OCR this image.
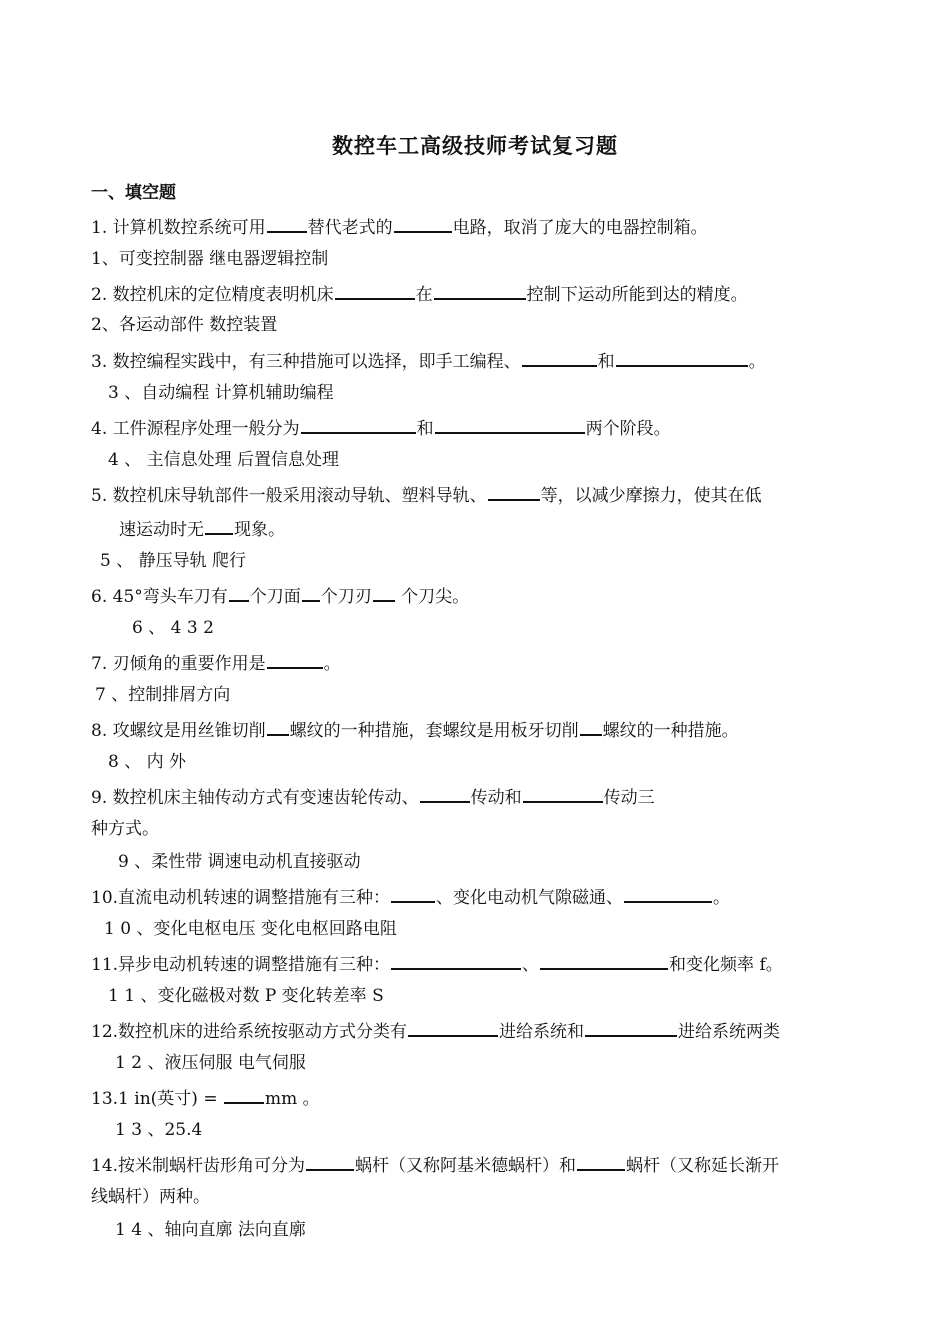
数控车工高级技师考试复习题
一、填空题
1. 计算机数控系统可用 替代老式的	电路，取消了庞大的电器控制箱。
1、可变控制器 继电器逻辑控制
2. 数控机床的定位精度表明机床	在	控制下运动所能到达的精度。
2、各运动部件 数控装置
3. 数控编程实践中，有三种措施可以选择，即手工编程、	和	。
3 、自动编程 计算机辅助编程
4. 工件源程序处理一般分为	和	两个阶段。
4 、 主信息处理 后置信息处理
5. 数控机床导轨部件一般采用滚动导轨、塑料导轨、	等，以减少摩擦力，使其在低
速运动时无 现象。
5 、 静压导轨 爬行
6. 45°弯头车刀有 个刀面 个刀刃 个刀尖。
6 、 4 3 2
7. 刃倾角的重要作用是	。
7 、控制排屑方向
8. 攻螺纹是用丝锥切削 螺纹的一种措施，套螺纹是用板牙切削 螺纹的一种措施。
8 、 内 外
9. 数控机床主轴传动方式有变速齿轮传动、	传动和	传动三
种方式。
9 、柔性带 调速电动机直接驱动
10.直流电动机转速的调整措施有三种：	、变化电动机气隙磁通、	。
1 0 、变化电枢电压 变化电枢回路电阻
11.异步电动机转速的调整措施有三种：	、	和变化频率 f。
1 1 、变化磁极对数 P 变化转差率 S
12.数控机床的进给系统按驱动方式分类有	进给系统和	进给系统两类
1 2 、液压伺服 电气伺服
13.1 in(英寸) = mm 。
1 3 、25.4
14.按米制蜗杆齿形角可分为	蜗杆（又称阿基米德蜗杆）和	蜗杆（又称延长渐开
线蜗杆）两种。
1 4 、轴向直廓 法向直廓
